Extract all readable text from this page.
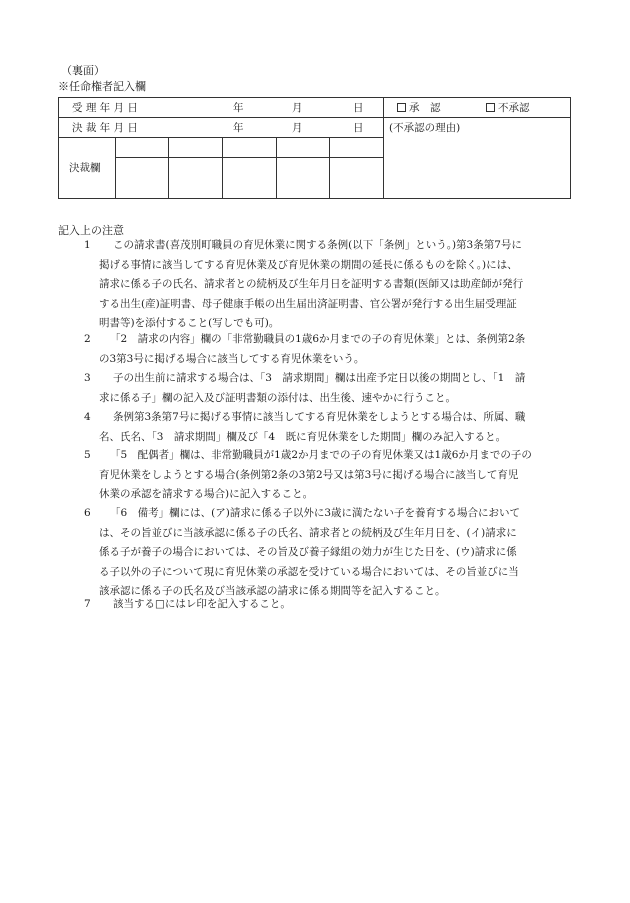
（裏面）
※任命権者記入欄
受 理 年 月 日	年	月	日	承　認	不承認
決 裁 年 月 日	年	月	日 (不承認の理由)
決裁欄
記入上の注意
1 この請求書(喜茂別町職員の育児休業に関する条例(以下「条例」という。)第3条第7号に
掲げる事情に該当してする育児休業及び育児休業の期間の延長に係るものを除く。)には、
請求に係る子の氏名、請求者との続柄及び生年月日を証明する書類(医師又は助産師が発行
する出生(産)証明書、母子健康手帳の出生届出済証明書、官公署が発行する出生届受理証
明書等)を添付すること(写しでも可)。
2 「2　請求の内容」欄の「非常勤職員の1歳6か月までの子の育児休業」とは、条例第2条
の3第3号に掲げる場合に該当してする育児休業をいう。
3 子の出生前に請求する場合は、「3　請求期間」欄は出産予定日以後の期間とし、「1　請
求に係る子」欄の記入及び証明書類の添付は、出生後、速やかに行うこと。
4 条例第3条第7号に掲げる事情に該当してする育児休業をしようとする場合は、所属、職
名、氏名、「3　請求期間」欄及び「4　既に育児休業をした期間」欄のみ記入すると。
5 「5　配偶者」欄は、非常勤職員が1歳2か月までの子の育児休業又は1歳6か月までの子の
育児休業をしようとする場合(条例第2条の3第2号又は第3号に掲げる場合に該当して育児
休業の承認を請求する場合)に記入すること。
6 「6　備考」欄には、(ア)請求に係る子以外に3歳に満たない子を養育する場合において
は、その旨並びに当該承認に係る子の氏名、請求者との続柄及び生年月日を、(イ)請求に
係る子が養子の場合においては、その旨及び養子縁組の効力が生じた日を、(ウ)請求に係
る子以外の子について現に育児休業の承認を受けている場合においては、その旨並びに当
該承認に係る子の氏名及び当該承認の請求に係る期間等を記入すること。
7 該当する□にはレ印を記入すること。
